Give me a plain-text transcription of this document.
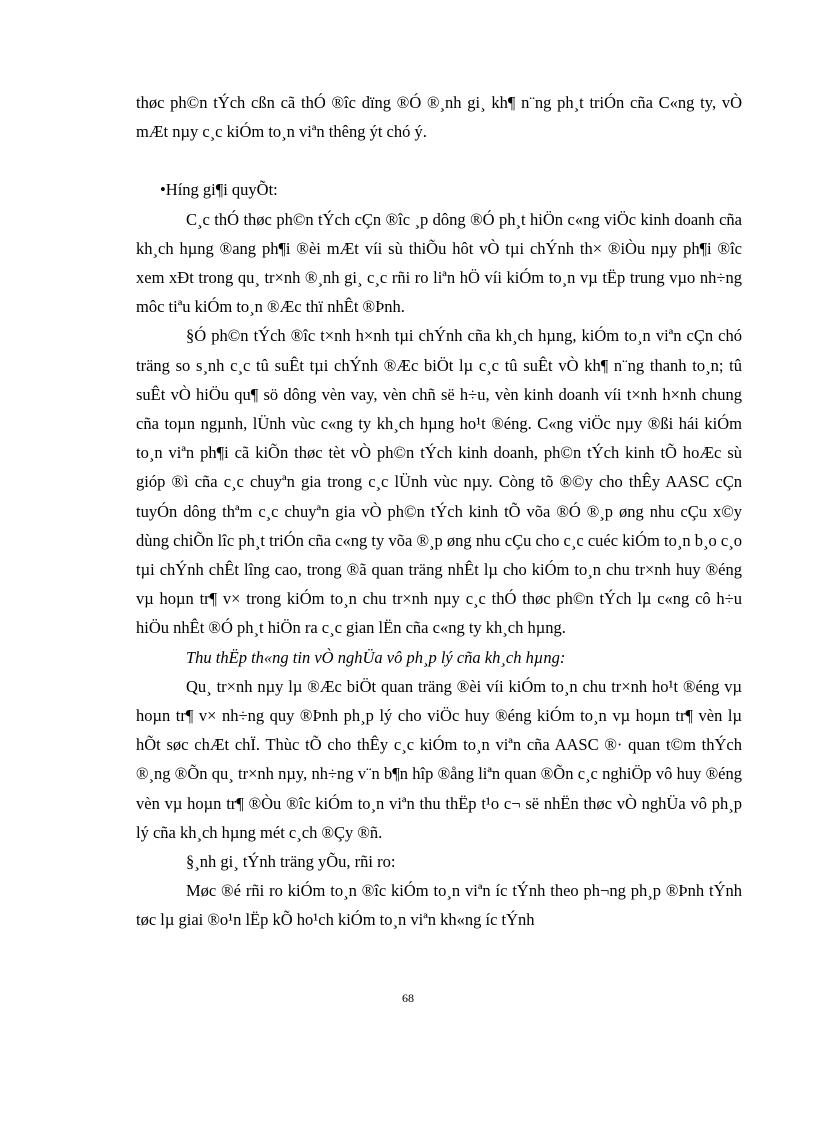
thøc ph©n tÝch cßn cã thÓ ®îc dïng ®Ó ®¸nh gi¸ kh¶ n¨ng ph¸t triÓn cña C«ng ty, vÒ mÆt nµy c¸c kiÓm to¸n viªn thêng ýt chó ý.

•Híng gi¶i quyÕt:

C¸c thÓ thøc ph©n tÝch cÇn ®îc ¸p dông ®Ó ph¸t hiÖn c«ng viÖc kinh doanh cña kh¸ch hµng ®ang ph¶i ®èi mÆt víi sù thiÕu hôt vÒ tµi chÝnh th× ®iÒu nµy ph¶i ®îc xem xÐt trong qu¸ tr×nh ®¸nh gi¸ c¸c rñi ro liªn hÖ víi kiÓm to¸n vµ tËp trung vµo nh÷ng môc tiªu kiÓm to¸n ®Æc thï nhÊt ®Þnh.

§Ó ph©n tÝch ®îc t×nh h×nh tµi chÝnh cña kh¸ch hµng, kiÓm to¸n viªn cÇn chó träng so s¸nh c¸c tû suÊt tµi chÝnh ®Æc biÖt lµ c¸c tû suÊt vÒ kh¶ n¨ng thanh to¸n; tû suÊt vÒ hiÖu qu¶ sö dông vèn vay, vèn chñ së h÷u, vèn kinh doanh víi t×nh h×nh chung cña toµn ngµnh, lÜnh vùc c«ng ty kh¸ch hµng ho¹t ®éng. C«ng viÖc nµy ®ßi hái kiÓm to¸n viªn ph¶i cã kiÕn thøc tèt vÒ ph©n tÝch kinh doanh, ph©n tÝch kinh tÕ hoÆc sù gióp ®ì cña c¸c chuyªn gia trong c¸c lÜnh vùc nµy. Còng tõ ®©y cho thÊy AASC cÇn tuyÓn dông thªm c¸c chuyªn gia vÒ ph©n tÝch kinh tÕ võa ®Ó ®¸p øng nhu cÇu x©y dùng chiÕn lîc ph¸t triÓn cña c«ng ty võa ®¸p øng nhu cÇu cho c¸c cuéc kiÓm to¸n b¸o c¸o tµi chÝnh chÊt lîng cao, trong ®ã quan träng nhÊt lµ cho kiÓm to¸n chu tr×nh huy ®éng vµ hoµn tr¶ v× trong kiÓm to¸n chu tr×nh nµy c¸c thÓ thøc ph©n tÝch lµ c«ng cô h÷u hiÖu nhÊt ®Ó ph¸t hiÖn ra c¸c gian lËn cña c«ng ty kh¸ch hµng.

Thu thËp th«ng tin vÒ nghÜa vô ph¸p lý cña kh¸ch hµng:

Qu¸ tr×nh nµy lµ ®Æc biÖt quan träng ®èi víi kiÓm to¸n chu tr×nh ho¹t ®éng vµ hoµn tr¶ v× nh÷ng quy ®Þnh ph¸p lý cho viÖc huy ®éng kiÓm to¸n vµ hoµn tr¶ vèn lµ hÕt søc chÆt chÏ. Thùc tÕ cho thÊy c¸c kiÓm to¸n viªn cña AASC ®· quan t©m thÝch ®¸ng ®Õn qu¸ tr×nh nµy, nh÷ng v¨n b¶n hîp ®ång liªn quan ®Õn c¸c nghiÖp vô huy ®éng vèn vµ hoµn tr¶ ®Òu ®îc kiÓm to¸n viªn thu thËp t¹o c¬ së nhËn thøc vÒ nghÜa vô ph¸p lý cña kh¸ch hµng mét c¸ch ®Çy ®ñ.

§¸nh gi¸ tÝnh träng yÕu, rñi ro:

Møc ®é rñi ro kiÓm to¸n ®îc kiÓm to¸n viªn íc tÝnh theo ph¬ng ph¸p ®Þnh tÝnh tøc lµ giai ®o¹n lËp kÕ ho¹ch kiÓm to¸n viªn kh«ng íc tÝnh

68
